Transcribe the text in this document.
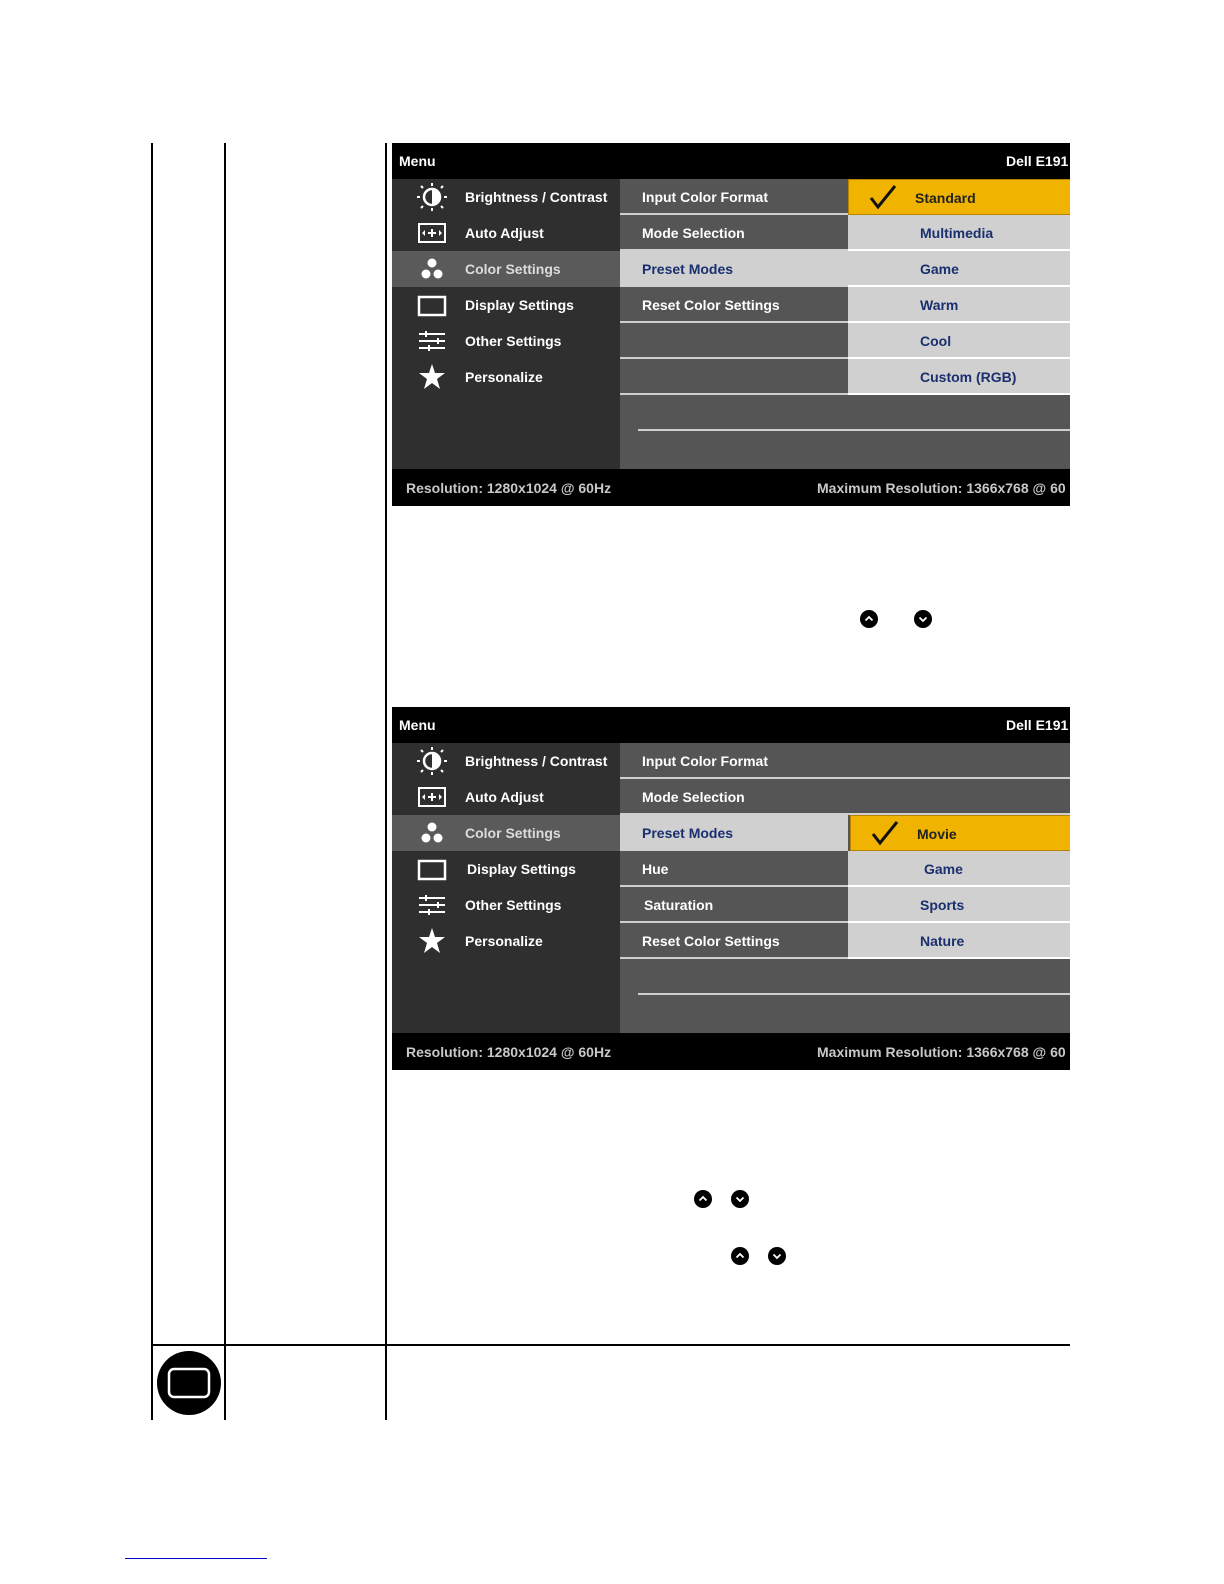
Menu	Dell E191
Brightness / Contrast
Auto Adjust
Color Settings
Display Settings
Other Settings
Personalize
Input Color Format
Mode Selection
Preset Modes
Reset Color Settings
Standard
Multimedia
Game
Warm
Cool
Custom (RGB)
Resolution: 1280x1024 @ 60Hz	Maximum Resolution: 1366x768 @ 60
Menu	Dell E191
Brightness / Contrast
Auto Adjust
Color Settings
Display Settings
Other Settings
Personalize
Input Color Format
Mode Selection
Preset Modes
Hue
Saturation
Reset Color Settings
Movie
Game
Sports
Nature
Resolution: 1280x1024 @ 60Hz	Maximum Resolution: 1366x768 @ 60
